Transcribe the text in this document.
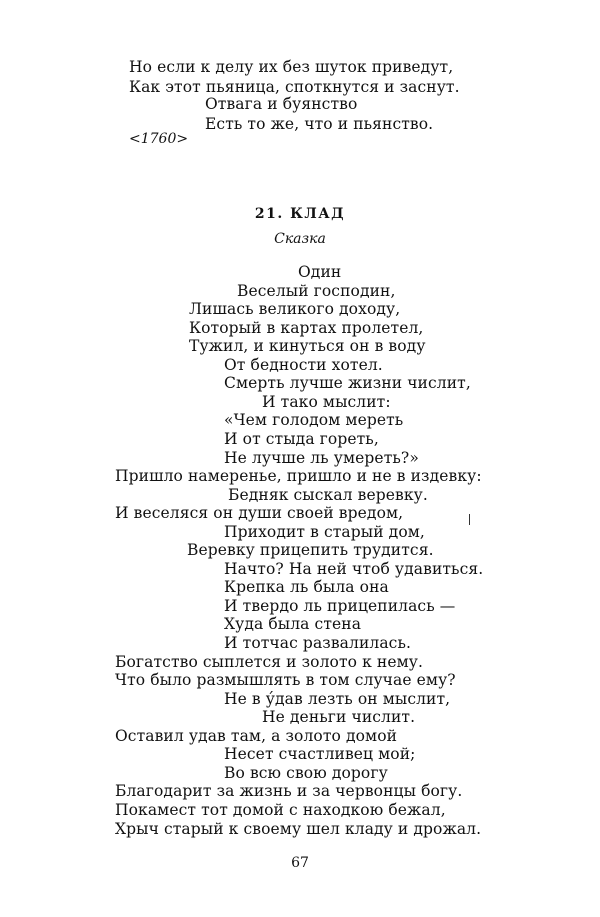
Но если к делу их без шуток приведут,
Как этот пьяница, споткнутся и заснут.
Отвага и буянство
Есть то же, что и пьянство.
<1760>
21. КЛАД
Сказка
Один
Веселый господин,
Лишась великого доходу,
Который в картах пролетел,
Тужил, и кинуться он в воду
От бедности хотел.
Смерть лучше жизни числит,
И тако мыслит:
«Чем голодом мереть
И от стыда гореть,
Не лучше ль умереть?»
Пришло намеренье, пришло и не в издевку:
Бедняк сыскал веревку.
И веселяся он души своей вредом,
Приходит в старый дом,
Веревку прицепить трудится.
Начто? На ней чтоб удавиться.
Крепка ль была она
И твердо ль прицепилась —
Худа была стена
И тотчас развалилась.
Богатство сыплется и золото к нему.
Что было размышлять в том случае ему?
Не в у́дав лезть он мыслит,
Не деньги числит.
Оставил удав там, а золото домой
Несет счастливец мой;
Во всю свою дорогу
Благодарит за жизнь и за червонцы богу.
Покамест тот домой с находкою бежал,
Хрыч старый к своему шел кладу и дрожал.
67
